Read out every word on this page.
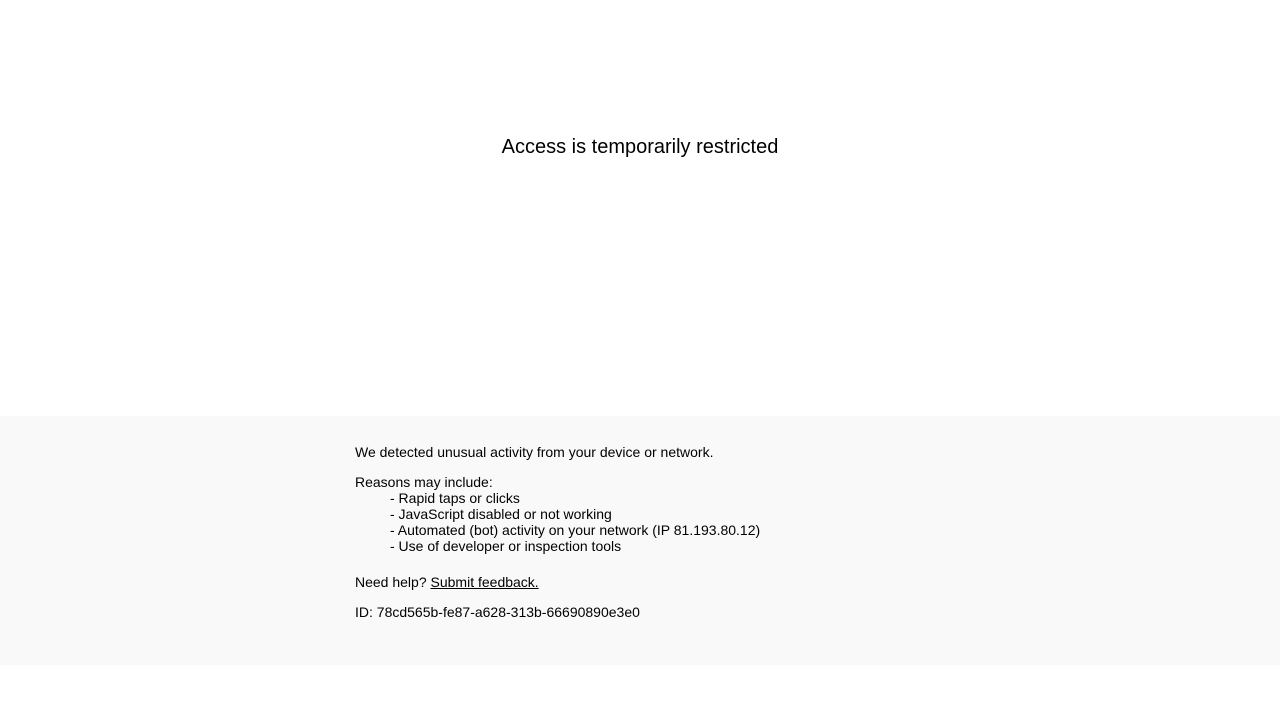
Access is temporarily restricted

We detected unusual activity from your device or network.

Reasons may include:

- Rapid taps or clicks
- JavaScript disabled or not working
- Automated (bot) activity on your network (IP 81.193.80.12)
- Use of developer or inspection tools

Need help? Submit feedback.

ID: 78cd565b-fe87-a628-313b-66690890e3e0
